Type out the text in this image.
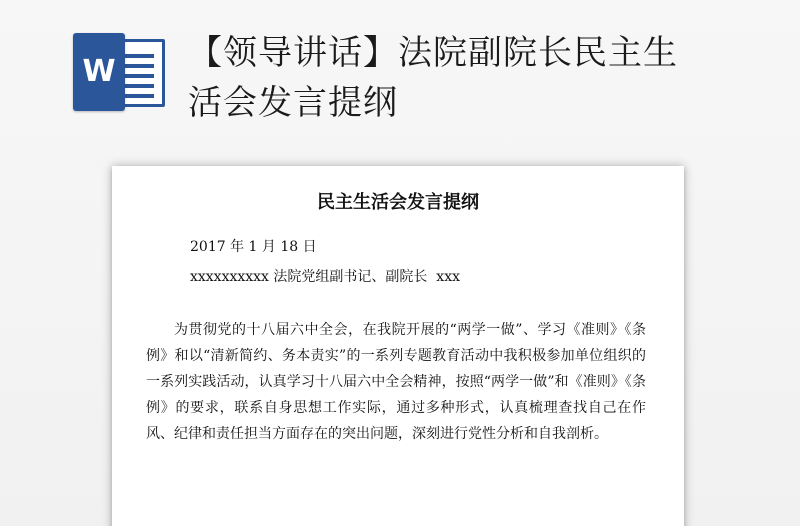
W 【领导讲话】法院副院长民主生活会发言提纲
民主生活会发言提纲
2017 年 1 月 18 日
xxxxxxxxxx 法院党组副书记、副院长  xxx

为贯彻党的十八届六中全会，在我院开展的“两学一做”、学习《准则》《条例》和以“清新简约、务本责实”的一系列专题教育活动中我积极参加单位组织的一系列实践活动，认真学习十八届六中全会精神，按照“两学一做”和《准则》《条例》的要求，联系自身思想工作实际，通过多种形式，认真梳理查找自己在作风、纪律和责任担当方面存在的突出问题，深刻进行党性分析和自我剖析。
